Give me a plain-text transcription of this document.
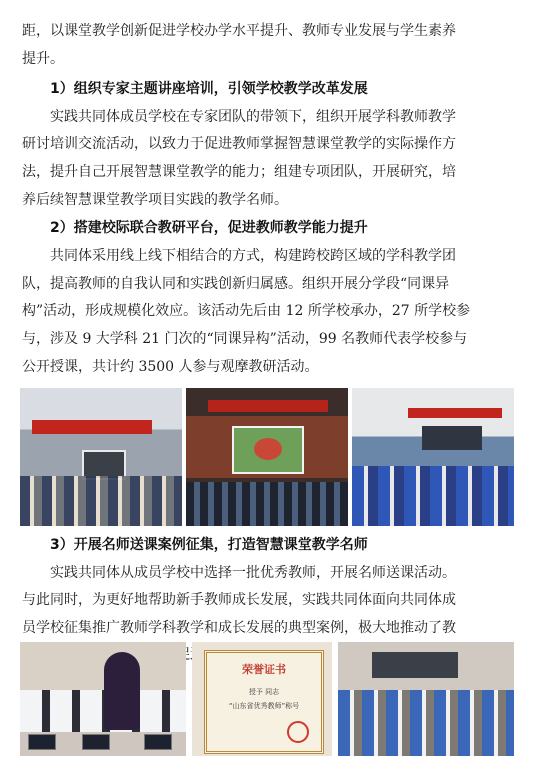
距，以课堂教学创新促进学校办学水平提升、教师专业发展与学生素养
提升。
1）组织专家主题讲座培训，引领学校教学改革发展
　　实践共同体成员学校在专家团队的带领下，组织开展学科教师教学
研讨培训交流活动，以致力于促进教师掌握智慧课堂教学的实际操作方
法，提升自己开展智慧课堂教学的能力；组建专项团队，开展研究，培
养后续智慧课堂教学项目实践的教学名师。
2）搭建校际联合教研平台，促进教师教学能力提升
　　共同体采用线上线下相结合的方式，构建跨校跨区域的学科教学团
队，提高教师的自我认同和实践创新归属感。组织开展分学段“同课异
构”活动，形成规模化效应。该活动先后由 12 所学校承办，27 所学校参
与，涉及 9 大学科 21 门次的“同课异构”活动，99 名教师代表学校参与
公开授课，共计约 3500 人参与观摩教研活动。
3）开展名师送课案例征集，打造智慧课堂教学名师
　　实践共同体从成员学校中选择一批优秀教师，开展名师送课活动。
与此同时，为更好地帮助新手教师成长发展，实践共同体面向共同体成
员学校征集推广教师学科教学和成长发展的典型案例，极大地推动了教
荣誉证书
授予 同志
“山东省优秀教师”称号
